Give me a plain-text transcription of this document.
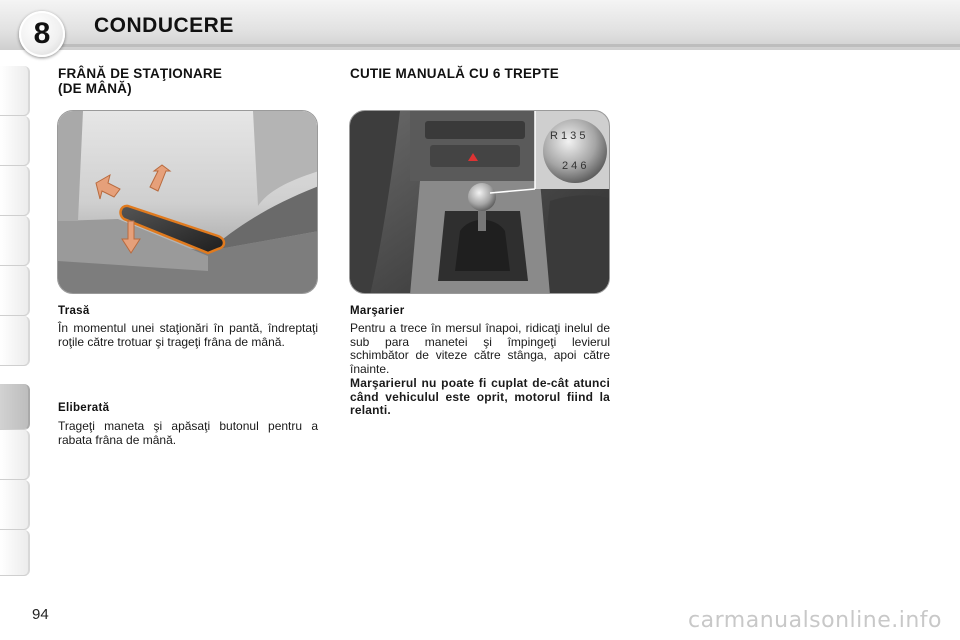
8	CONDUCERE
FRÂNĂ DE STAŢIONARE
(DE MÂNĂ)
Trasă

În momentul unei staţionări în pantă, îndreptaţi roţile către trotuar şi trageţi frâna de mână.

Eliberată

Trageţi maneta şi apăsaţi butonul pentru a rabata frâna de mână.

CUTIE MANUALĂ CU 6 TREPTE
R 1 3 5
2 4 6
Marşarier

Pentru a trece în mersul înapoi, ridicaţi inelul de sub para manetei şi împingeţi levierul schimbător de viteze către stânga, apoi către înainte.

Marşarierul nu poate fi cuplat de-cât atunci când vehiculul este oprit, motorul fiind la relanti.

94	carmanualsonline.info
